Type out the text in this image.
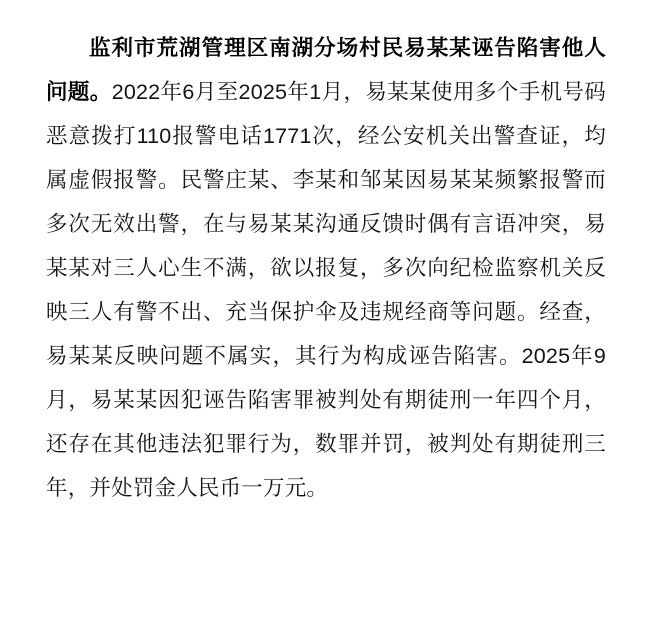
监利市荒湖管理区南湖分场村民易某某诬告陷害他人问题。2022年6月至2025年1月，易某某使用多个手机号码恶意拨打110报警电话1771次，经公安机关出警查证，均属虚假报警。民警庄某、李某和邹某因易某某频繁报警而多次无效出警，在与易某某沟通反馈时偶有言语冲突，易某某对三人心生不满，欲以报复，多次向纪检监察机关反映三人有警不出、充当保护伞及违规经商等问题。经查，易某某反映问题不属实，其行为构成诬告陷害。2025年9月，易某某因犯诬告陷害罪被判处有期徒刑一年四个月，还存在其他违法犯罪行为，数罪并罚，被判处有期徒刑三年，并处罚金人民币一万元。
